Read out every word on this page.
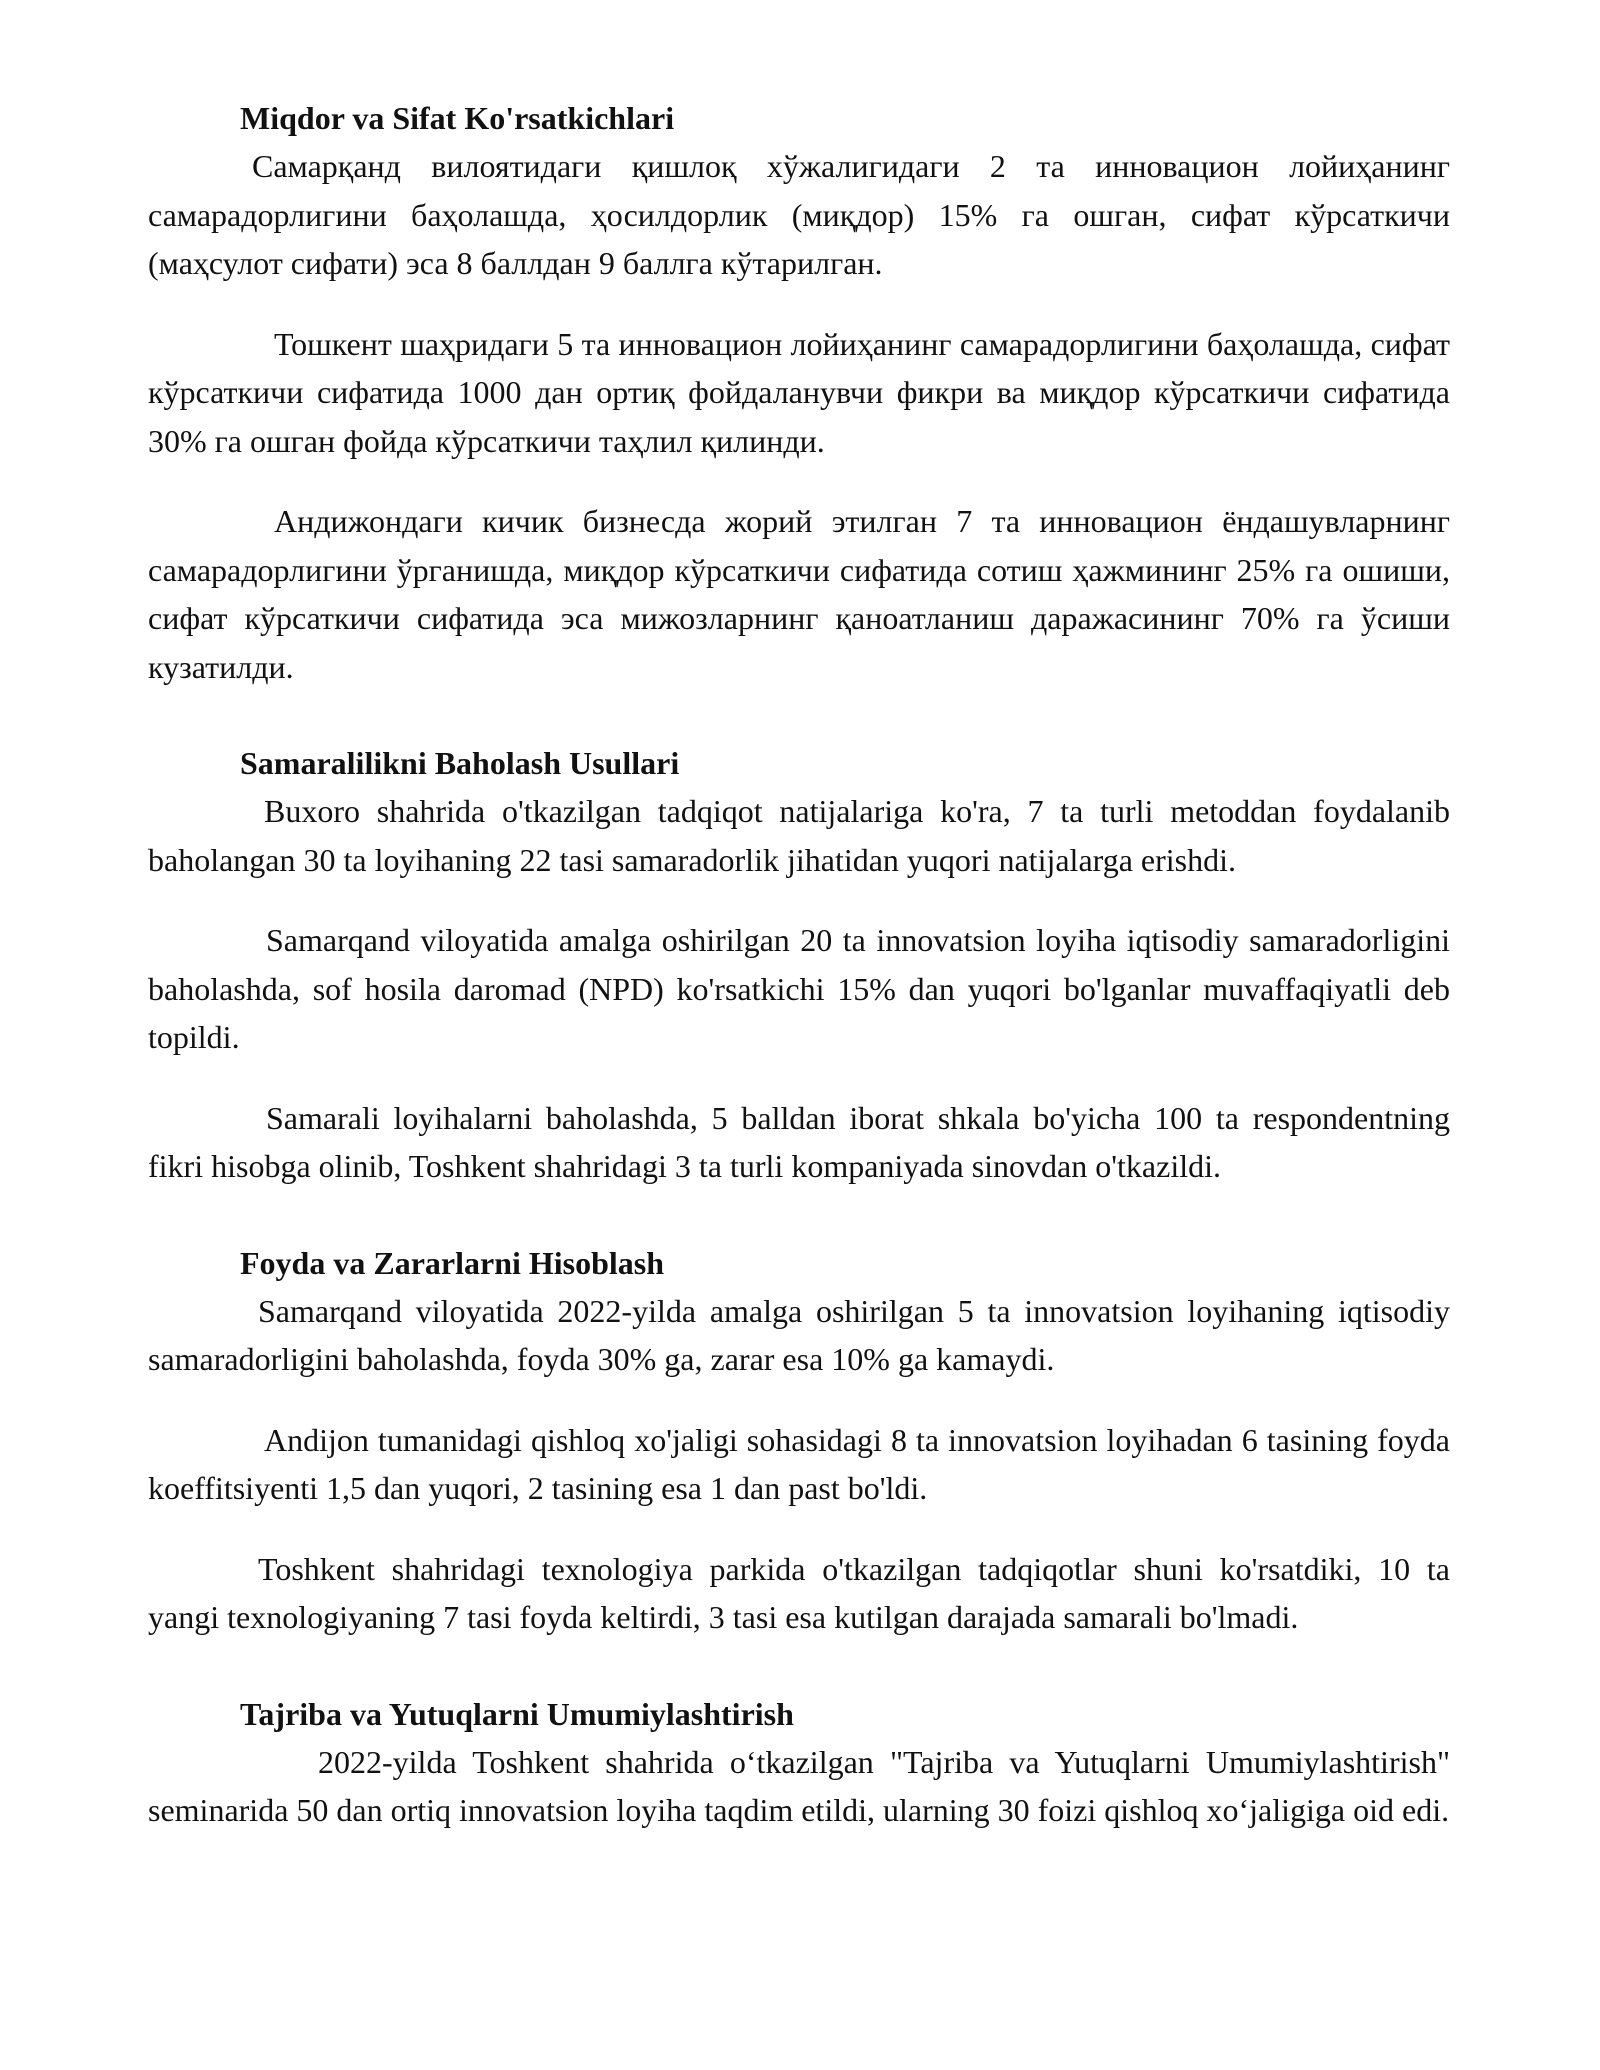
Miqdor va Sifat Ko'rsatkichlari

Самарқанд вилоятидаги қишлоқ хўжалигидаги 2 та инновацион лойиҳанинг самарадорлигини баҳолашда, ҳосилдорлик (миқдор) 15% га ошган, сифат кўрсаткичи (маҳсулот сифати) эса 8 баллдан 9 баллга кўтарилган.

Тошкент шаҳридаги 5 та инновацион лойиҳанинг самарадорлигини баҳолашда, сифат кўрсаткичи сифатида 1000 дан ортиқ фойдаланувчи фикри ва миқдор кўрсаткичи сифатида 30% га ошган фойда кўрсаткичи таҳлил қилинди.

Андижондаги кичик бизнесда жорий этилган 7 та инновацион ёндашувларнинг самарадорлигини ўрганишда, миқдор кўрсаткичи сифатида сотиш ҳажмининг 25% га ошиши, сифат кўрсаткичи сифатида эса мижозларнинг қаноатланиш даражасининг 70% га ўсиши кузатилди.

Samaralilikni Baholash Usullari

Buxoro shahrida o'tkazilgan tadqiqot natijalariga ko'ra, 7 ta turli metoddan foydalanib baholangan 30 ta loyihaning 22 tasi samaradorlik jihatidan yuqori natijalarga erishdi.

Samarqand viloyatida amalga oshirilgan 20 ta innovatsion loyiha iqtisodiy samaradorligini baholashda, sof hosila daromad (NPD) ko'rsatkichi 15% dan yuqori bo'lganlar muvaffaqiyatli deb topildi.

Samarali loyihalarni baholashda, 5 balldan iborat shkala bo'yicha 100 ta respondentning fikri hisobga olinib, Toshkent shahridagi 3 ta turli kompaniyada sinovdan o'tkazildi.

Foyda va Zararlarni Hisoblash

Samarqand viloyatida 2022-yilda amalga oshirilgan 5 ta innovatsion loyihaning iqtisodiy samaradorligini baholashda, foyda 30% ga, zarar esa 10% ga kamaydi.

Andijon tumanidagi qishloq xo'jaligi sohasidagi 8 ta innovatsion loyihadan 6 tasining foyda koeffitsiyenti 1,5 dan yuqori, 2 tasining esa 1 dan past bo'ldi.

Toshkent shahridagi texnologiya parkida o'tkazilgan tadqiqotlar shuni ko'rsatdiki, 10 ta yangi texnologiyaning 7 tasi foyda keltirdi, 3 tasi esa kutilgan darajada samarali bo'lmadi.

Tajriba va Yutuqlarni Umumiylashtirish

2022-yilda Toshkent shahrida oʻtkazilgan "Tajriba va Yutuqlarni Umumiylashtirish" seminarida 50 dan ortiq innovatsion loyiha taqdim etildi, ularning 30 foizi qishloq xoʻjaligiga oid edi.
